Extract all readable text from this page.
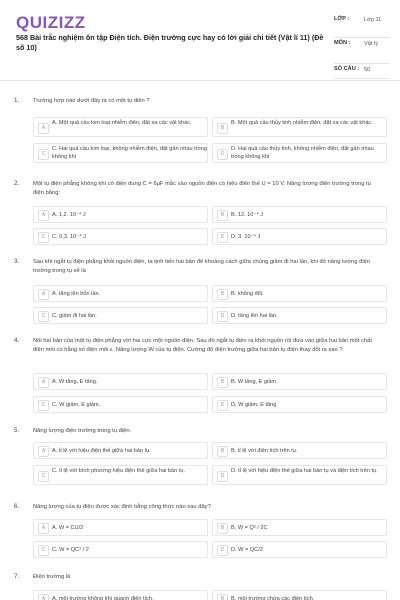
QUIZIZZ
568 Bài trắc nghiệm ôn tập Điện tích. Điện trường cực hay có lời giải chi tiết (Vật lí 11) (Đề số 10)
LỚP :	Lớp 11
MÔN :	Vật lý
SỐ CÂU : 50
1. Trường hợp nào dưới đây ta có một tụ điện ?
A
A. Một quả cầu kim loại nhiễm điện, đặt xa các vật khác.
B
B. Một quả cầu thủy tinh nhiễm điện, đặt xa các vật khác.
C
C. Hai quả cầu kim loại, không nhiễm điện, đặt gần nhau trong không khí	D
D. Hai quả cầu thủy tinh, không nhiễm điện, đặt gần nhau trong không khí
2. Một tụ điện phẳng không khí có điện dung C = 6μF mắc vào nguồn điện có hiệu điện thế U = 10 V. Năng lượng điện trường trong tụ điện bằng:
A	A. 1,2. 10⁻⁴ J	B	B. 12. 10⁻⁴ J
C	C. 0,3. 10⁻⁴ J	D	D. 3. 10⁻⁴ J
3. Sau khi ngắt tụ điện phẳng khỏi nguồn điện, ta tịnh tiến hai bản để khoảng cách giữa chúng giảm đi hai lần, khi đó năng lượng điện trường trong tụ sẽ là
A	A. tăng lên bốn lần.	B	B. không đổi.
C	C. giảm đi hai lần.	D	D. tăng lên hai lần.
4. Nối hai bản của một tụ điện phẳng với hai cực một nguồn điện. Sau đó ngắt tụ điện ra khỏi nguồn rồi đưa vào giữa hai bản một chất điện môi có hằng số điện môi ε. Năng lượng W của tụ điện. Cường độ điện trường giữa hai bản tụ điện thay đổi ra sao ?
A	A. W tăng, E tăng.	B	B. W tăng, E giảm.
C	C. W giảm, E giảm.	D	D. W giảm, E tăng
5. Năng lượng điện trường trong tụ điện.
A	A. tỉ lệ với hiệu điện thế giữa hai bản tụ.	B	B. tỉ lệ với điện tích trên tụ.
C
C. tỉ lệ với bình phương hiệu điện thế giữa hai bản tụ.
D
D. tỉ lệ với hiệu điện thế giữa hai bản tụ và điện tích trên tụ.
6. Năng lượng của tụ điện được xác định bằng công thức nào sau đây?
A	A. W = CU/2	B	B. W = Q² / 2C
C	C. W = QC² / 2	D	D. W = QC/2
7. Điện trường là
A	A. môi trường không khí quanh điện tích.	B	B. môi trường chứa các điện tích.
